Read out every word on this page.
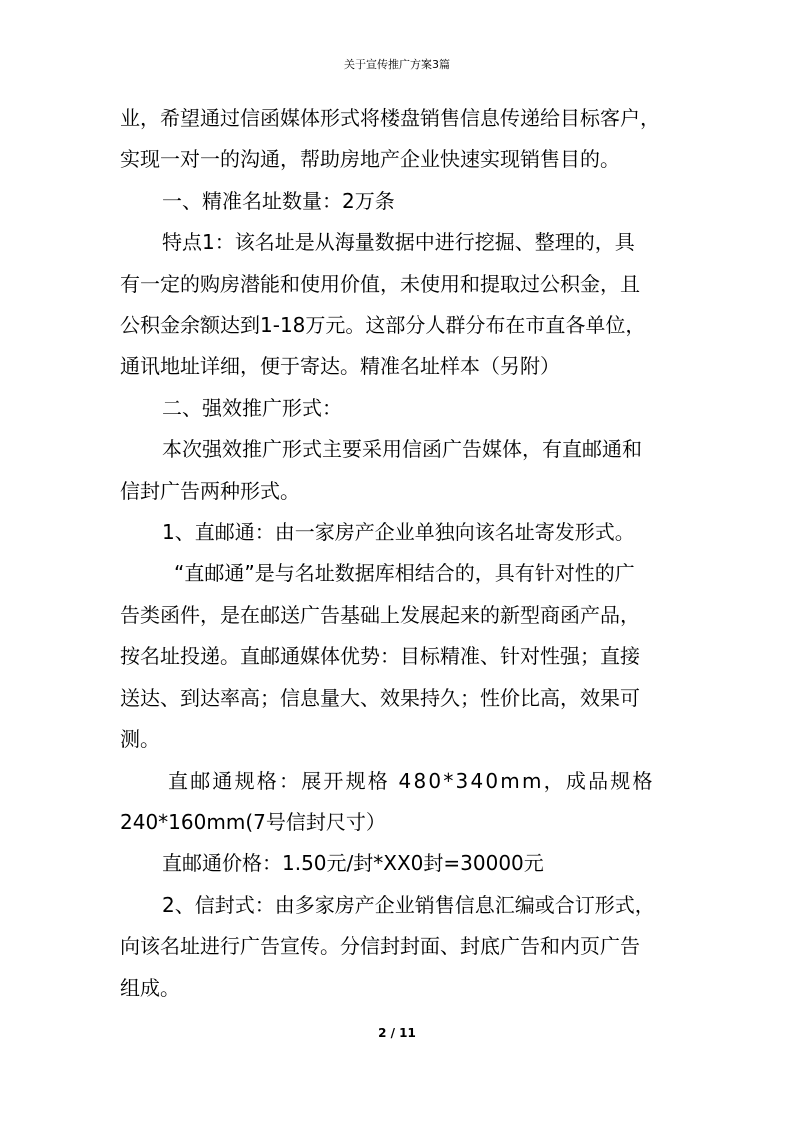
关于宣传推广方案3篇

业，希望通过信函媒体形式将楼盘销售信息传递给目标客户，

实现一对一的沟通，帮助房地产企业快速实现销售目的。

一、精准名址数量：2万条

特点1：该名址是从海量数据中进行挖掘、整理的，具

有一定的购房潜能和使用价值，未使用和提取过公积金，且

公积金余额达到1-18万元。这部分人群分布在市直各单位，

通讯地址详细，便于寄达。精准名址样本（另附）

二、强效推广形式：

本次强效推广形式主要采用信函广告媒体，有直邮通和

信封广告两种形式。

1、直邮通：由一家房产企业单独向该名址寄发形式。

“直邮通”是与名址数据库相结合的，具有针对性的广

告类函件，是在邮送广告基础上发展起来的新型商函产品，

按名址投递。直邮通媒体优势：目标精准、针对性强；直接

送达、到达率高；信息量大、效果持久；性价比高，效果可

测。

直邮通规格：展开规格 480*340mm，成品规格

240*160mm(7号信封尺寸）

直邮通价格：1.50元/封*XX0封=30000元

2、信封式：由多家房产企业销售信息汇编或合订形式，

向该名址进行广告宣传。分信封封面、封底广告和内页广告

组成。

2 / 11
